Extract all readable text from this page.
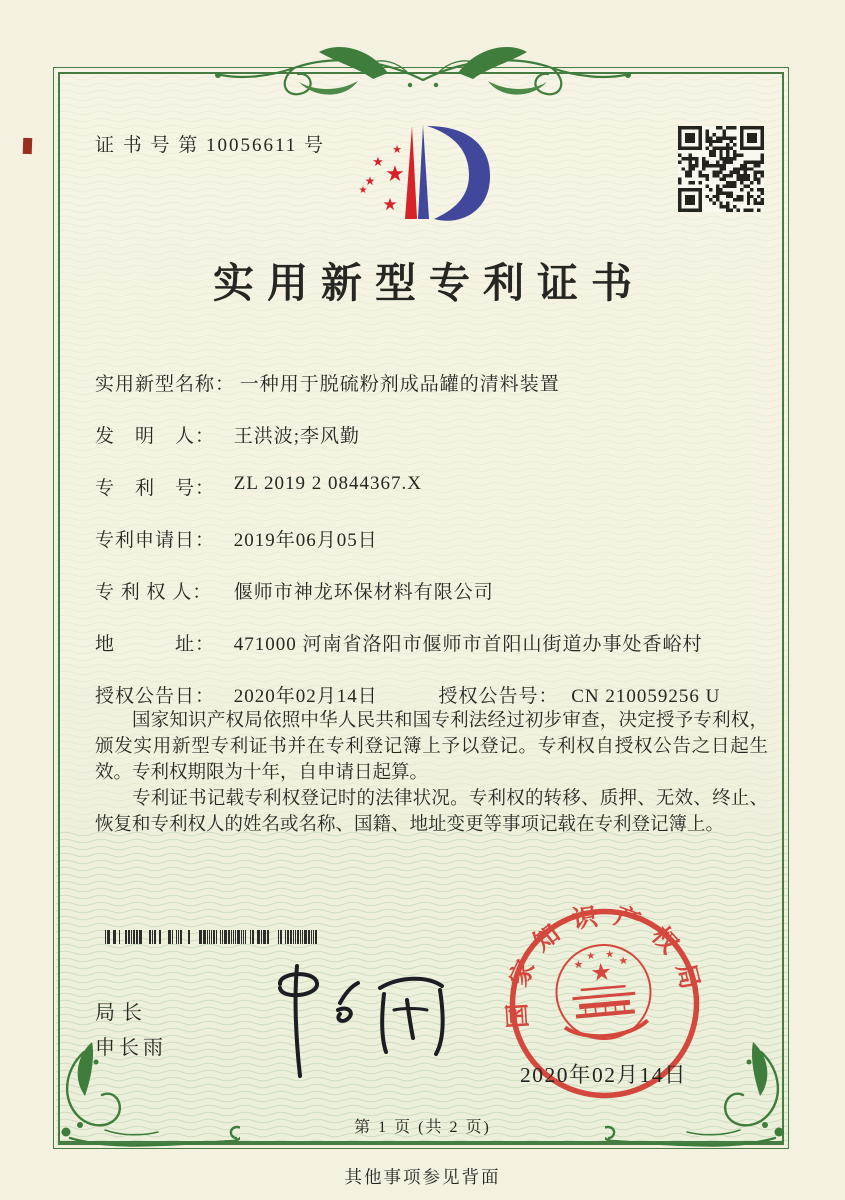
证 书 号 第 10056611 号	★
★ ★
★
★
★
实用新型专利证书
实用新型名称： 一种用于脱硫粉剂成品罐的清料装置
发　明　人： 王洪波;李风勤
专　利　号： ZL 2019 2 0844367.X
专利申请日： 2019年06月05日
专 利 权 人： 偃师市神龙环保材料有限公司
地　　　址： 471000 河南省洛阳市偃师市首阳山街道办事处香峪村
授权公告日： 2020年02月14日	授权公告号： CN 210059256 U

国家知识产权局依照中华人民共和国专利法经过初步审查，决定授予专利权，颁发实用新型专利证书并在专利登记簿上予以登记。专利权自授权公告之日起生效。专利权期限为十年，自申请日起算。

专利证书记载专利权登记时的法律状况。专利权的转移、质押、无效、终止、恢复和专利权人的姓名或名称、国籍、地址变更等事项记载在专利登记簿上。

局长
申长雨
★
★
★ ★ ★
国家知识产权局
2020年02月14日
第 1 页 (共 2 页)
其他事项参见背面
